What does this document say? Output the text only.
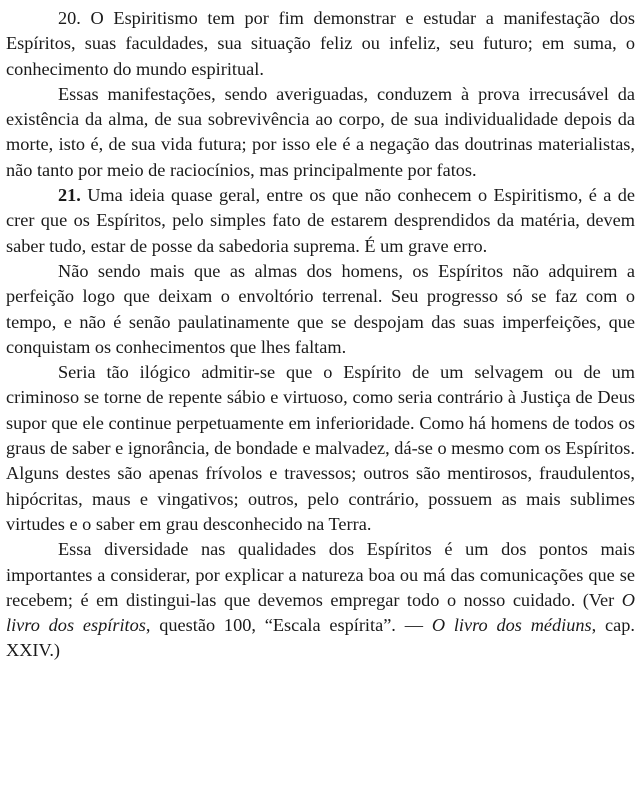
20. O Espiritismo tem por fim demonstrar e estudar a manifestação dos Espíritos, suas faculdades, sua situação feliz ou infeliz, seu futuro; em suma, o conhecimento do mundo espiritual.

Essas manifestações, sendo averiguadas, conduzem à prova irrecusável da existência da alma, de sua sobrevivência ao corpo, de sua individualidade depois da morte, isto é, de sua vida futura; por isso ele é a negação das doutrinas materialistas, não tanto por meio de raciocínios, mas principalmente por fatos.

21. Uma ideia quase geral, entre os que não conhecem o Espiritismo, é a de crer que os Espíritos, pelo simples fato de estarem desprendidos da matéria, devem saber tudo, estar de posse da sabedoria suprema. É um grave erro.

Não sendo mais que as almas dos homens, os Espíritos não adquirem a perfeição logo que deixam o envoltório terrenal. Seu progresso só se faz com o tempo, e não é senão paulatinamente que se despojam das suas imperfeições, que conquistam os conhecimentos que lhes faltam.

Seria tão ilógico admitir-se que o Espírito de um selvagem ou de um criminoso se torne de repente sábio e virtuoso, como seria contrário à Justiça de Deus supor que ele continue perpetuamente em inferioridade. Como há homens de todos os graus de saber e ignorância, de bondade e malvadez, dá-se o mesmo com os Espíritos. Alguns destes são apenas frívolos e travessos; outros são mentirosos, fraudulentos, hipócritas, maus e vingativos; outros, pelo contrário, possuem as mais sublimes virtudes e o saber em grau desconhecido na Terra.

Essa diversidade nas qualidades dos Espíritos é um dos pontos mais importantes a considerar, por explicar a natureza boa ou má das comunicações que se recebem; é em distingui-las que devemos empregar todo o nosso cuidado. (Ver O livro dos espíritos, questão 100, “Escala espírita”. — O livro dos médiuns, cap. XXIV.)
